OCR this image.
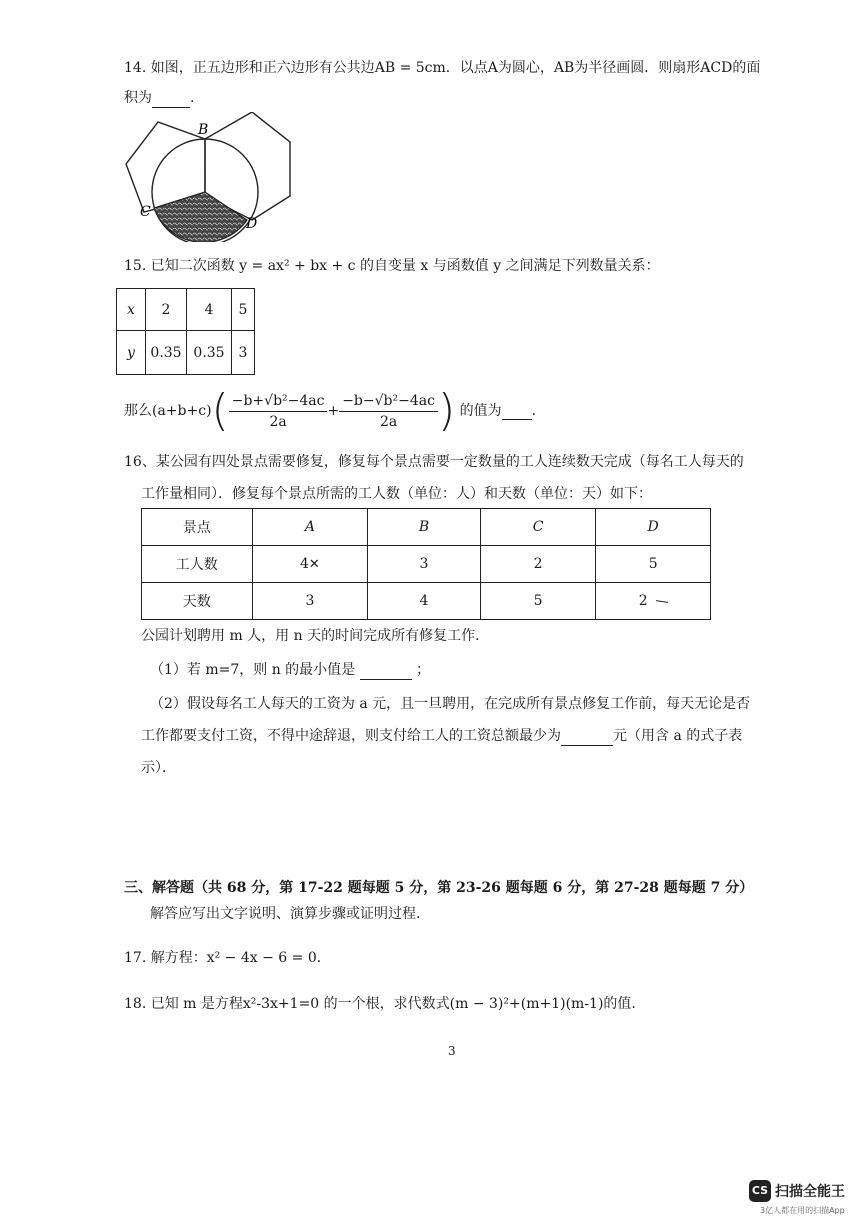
14. 如图，正五边形和正六边形有公共边AB = 5cm．以点A为圆心，AB为半径画圆．则扇形ACD的面
积为	.
B
C
D
15. 已知二次函数 y = ax² + bx + c 的自变量 x 与函数值 y 之间满足下列数量关系：
x	2	4	5
y	0.35	0.35	3
那么$(a+b+c)( \frac{\text{−b+√b²−4ac}}{2a} + \frac{\text{−b−√b²−4ac}}{2a}$ ) 的值为 .
16、某公园有四处景点需要修复，修复每个景点需要一定数量的工人连续数天完成（每名工人每天的
工作量相同）．修复每个景点所需的工人数（单位：人）和天数（单位：天）如下：
景点	A	B	C	D
工人数	4✕	3	2	5
天数	3	4	5	2
公园计划聘用 m 人，用 n 天的时间完成所有修复工作．
（1）若 m=7，则 n 的最小值是	；
（2）假设每名工人每天的工资为 a 元，且一旦聘用，在完成所有景点修复工作前，每天无论是否
工作都要支付工资，不得中途辞退，则支付给工人的工资总额最少为	元（用含 a 的式子表
示）．
三、解答题（共 68 分，第 17-22 题每题 5 分，第 23-26 题每题 6 分，第 27-28 题每题 7 分）
解答应写出文字说明、演算步骤或证明过程.
17. 解方程：x² − 4x − 6 = 0．
18. 已知 m 是方程x²-3x+1=0 的一个根，求代数式(m − 3)²+(m+1)(m-1)的值.
3
CS 扫描全能王
3亿人都在用的扫描App
